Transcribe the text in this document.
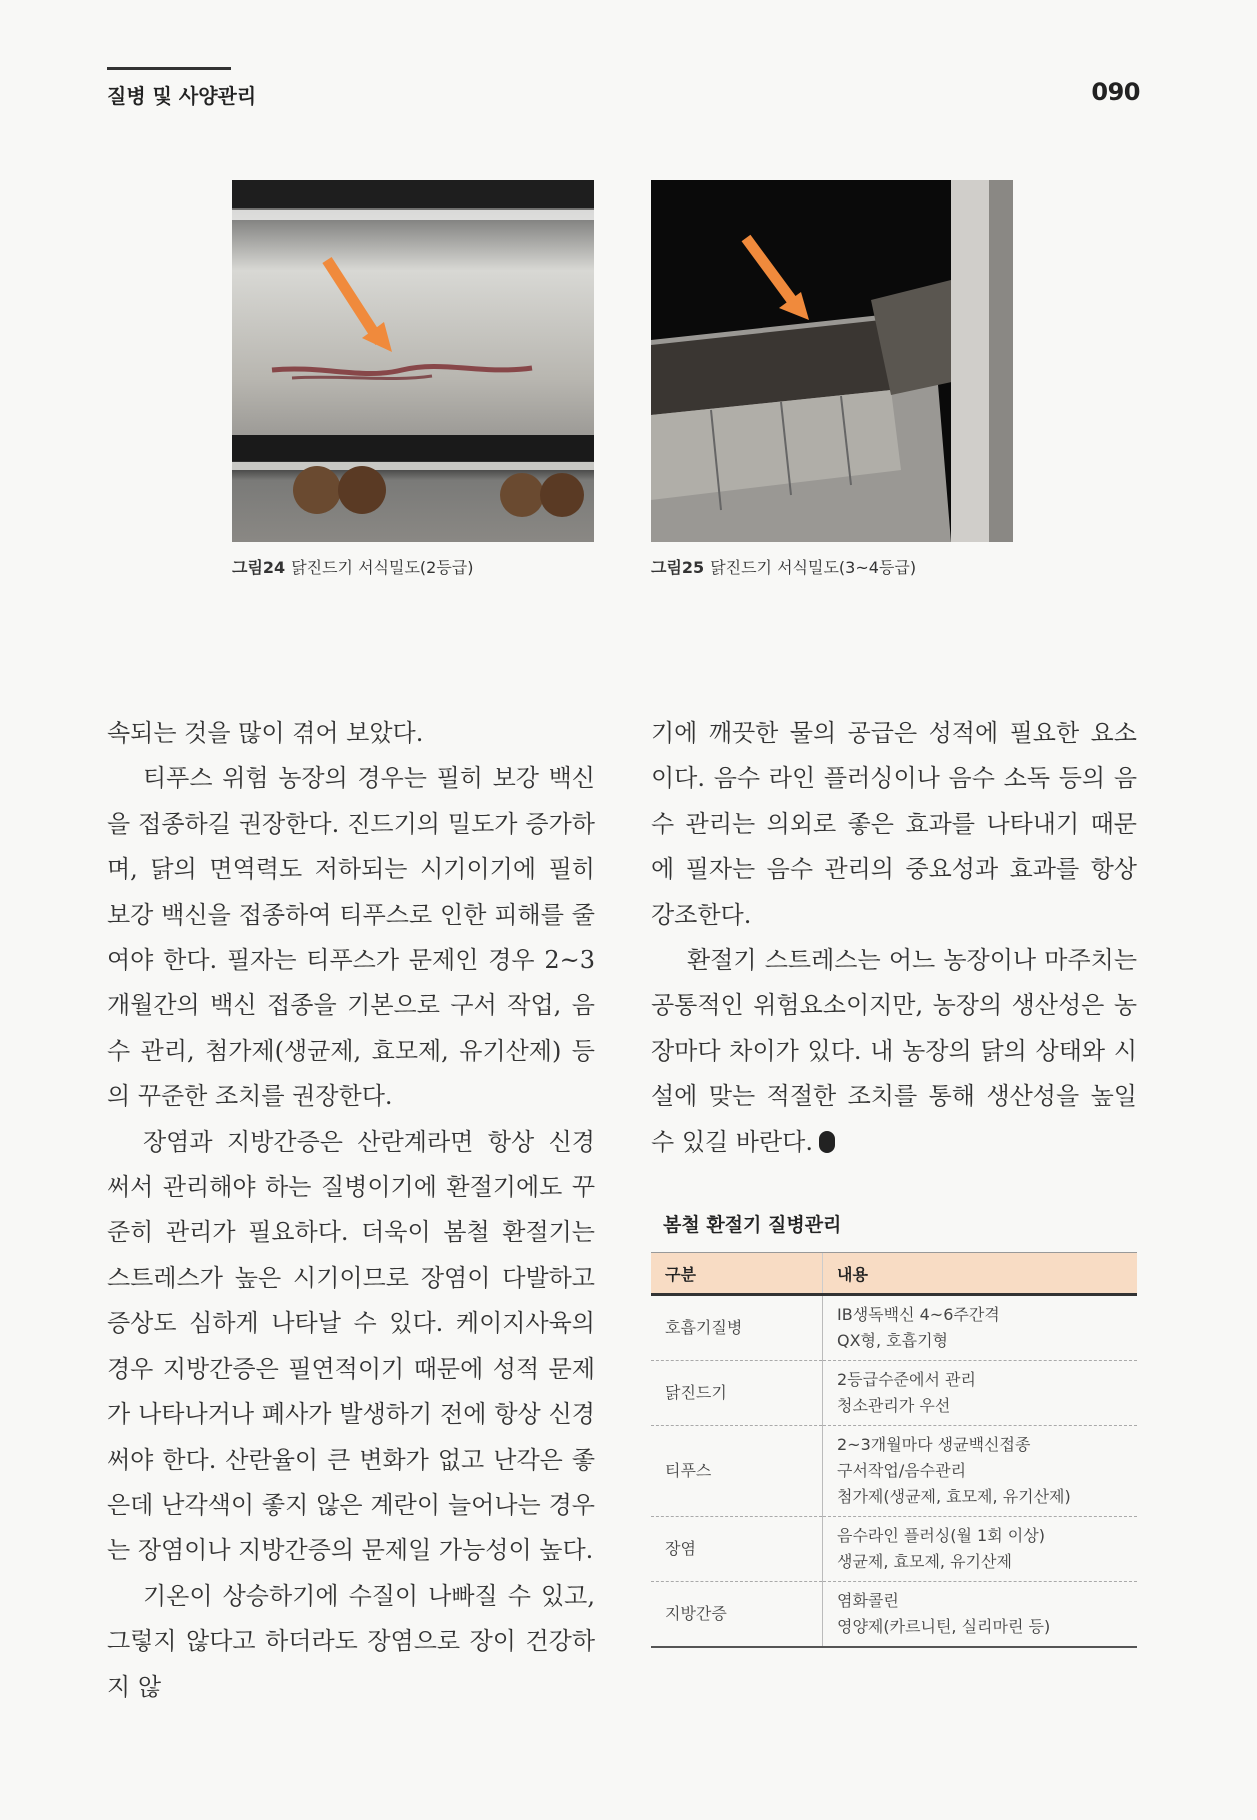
질병 및 사양관리	090
그림24 닭진드기 서식밀도(2등급)	그림25 닭진드기 서식밀도(3~4등급)

속되는 것을 많이 겪어 보았다.

티푸스 위험 농장의 경우는 필히 보강 백신을 접종하길 권장한다. 진드기의 밀도가 증가하며, 닭의 면역력도 저하되는 시기이기에 필히 보강 백신을 접종하여 티푸스로 인한 피해를 줄여야 한다. 필자는 티푸스가 문제인 경우 2~3개월간의 백신 접종을 기본으로 구서 작업, 음수 관리, 첨가제(생균제, 효모제, 유기산제) 등의 꾸준한 조치를 권장한다.

장염과 지방간증은 산란계라면 항상 신경 써서 관리해야 하는 질병이기에 환절기에도 꾸준히 관리가 필요하다. 더욱이 봄철 환절기는 스트레스가 높은 시기이므로 장염이 다발하고 증상도 심하게 나타날 수 있다. 케이지사육의 경우 지방간증은 필연적이기 때문에 성적 문제가 나타나거나 폐사가 발생하기 전에 항상 신경 써야 한다. 산란율이 큰 변화가 없고 난각은 좋은데 난각색이 좋지 않은 계란이 늘어나는 경우는 장염이나 지방간증의 문제일 가능성이 높다.

기온이 상승하기에 수질이 나빠질 수 있고, 그렇지 않다고 하더라도 장염으로 장이 건강하지 않

기에 깨끗한 물의 공급은 성적에 필요한 요소이다. 음수 라인 플러싱이나 음수 소독 등의 음수 관리는 의외로 좋은 효과를 나타내기 때문에 필자는 음수 관리의 중요성과 효과를 항상 강조한다.

환절기 스트레스는 어느 농장이나 마주치는 공통적인 위험요소이지만, 농장의 생산성은 농장마다 차이가 있다. 내 농장의 닭의 상태와 시설에 맞는 적절한 조치를 통해 생산성을 높일 수 있길 바란다.

봄철 환절기 질병관리
구분	내용
호흡기질병	IB생독백신 4~6주간격
QX형, 호흡기형

닭진드기	2등급수준에서 관리
청소관리가 우선

티푸스	2~3개월마다 생균백신접종
구서작업/음수관리
첨가제(생균제, 효모제, 유기산제)

장염	음수라인 플러싱(월 1회 이상)
생균제, 효모제, 유기산제

지방간증	염화콜린
영양제(카르니틴, 실리마린 등)
